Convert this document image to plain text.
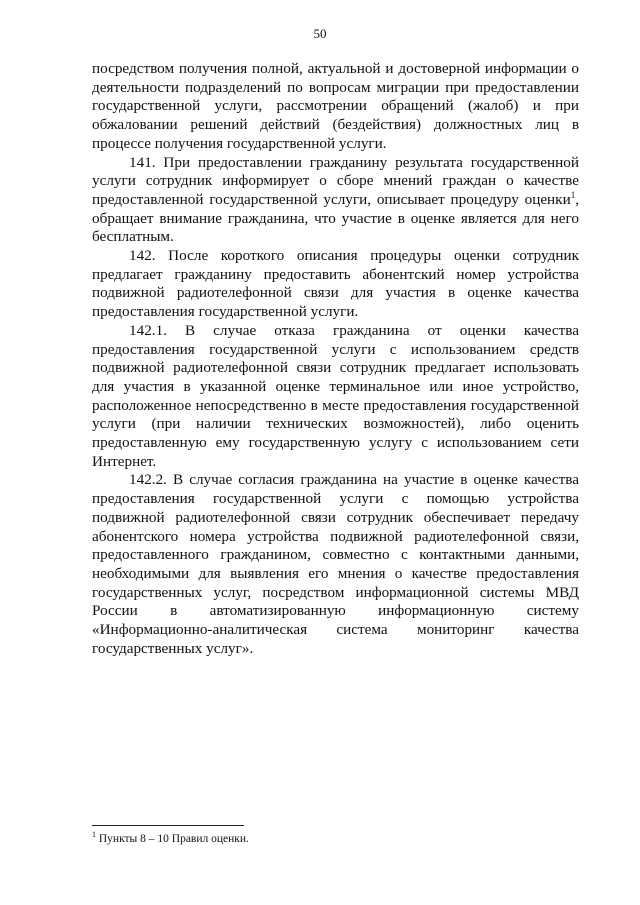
50

посредством получения полной, актуальной и достоверной информации о деятельности подразделений по вопросам миграции при предоставлении государственной услуги, рассмотрении обращений (жалоб) и при обжаловании решений действий (бездействия) должностных лиц в процессе получения государственной услуги.

141. При предоставлении гражданину результата государственной услуги сотрудник информирует о сборе мнений граждан о качестве предоставленной государственной услуги, описывает процедуру оценки$^1$, обращает внимание гражданина, что участие в оценке является для него бесплатным.

142. После короткого описания процедуры оценки сотрудник предлагает гражданину предоставить абонентский номер устройства подвижной радиотелефонной связи для участия в оценке качества предоставления государственной услуги.

142.1. В случае отказа гражданина от оценки качества предоставления государственной услуги с использованием средств подвижной радиотелефонной связи сотрудник предлагает использовать для участия в указанной оценке терминальное или иное устройство, расположенное непосредственно в месте предоставления государственной услуги (при наличии технических возможностей), либо оценить предоставленную ему государственную услугу с использованием сети Интернет.

142.2. В случае согласия гражданина на участие в оценке качества предоставления государственной услуги с помощью устройства подвижной радиотелефонной связи сотрудник обеспечивает передачу абонентского номера устройства подвижной радиотелефонной связи, предоставленного гражданином, совместно с контактными данными, необходимыми для выявления его мнения о качестве предоставления государственных услуг, посредством информационной системы МВД России в автоматизированную информационную систему «Информационно-аналитическая система мониторинг качества государственных услуг».

$^1$ Пункты 8 – 10 Правил оценки.
